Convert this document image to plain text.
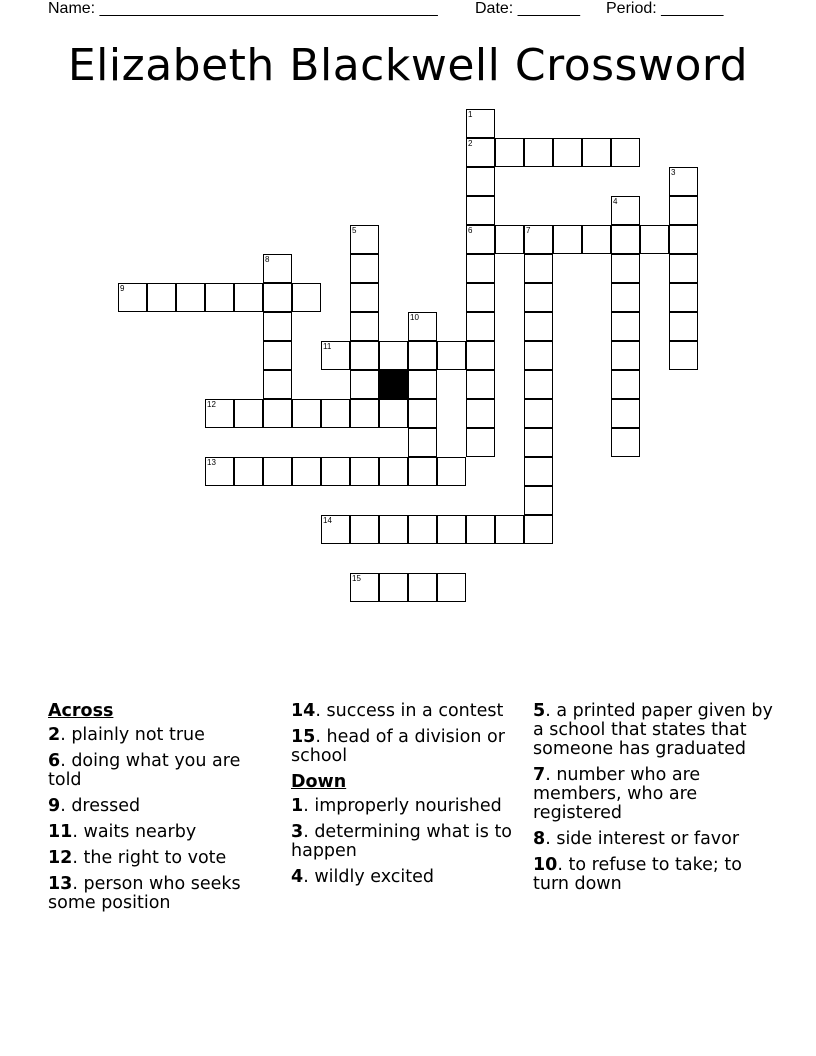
Name: ______________________________________ Date: _______ Period: _______
Elizabeth Blackwell Crossword
1
2
3
4
5	6	7
8
9
10
11
12
13
14
15
Across
2. plainly not true
6. doing what you are told
9. dressed
11. waits nearby
12. the right to vote
13. person who seeks some position
14. success in a contest
15. head of a division or school
Down
1. improperly nourished
3. determining what is to happen
4. wildly excited
5. a printed paper given by a school that states that someone has graduated
7. number who are members, who are registered
8. side interest or favor
10. to refuse to take; to turn down
